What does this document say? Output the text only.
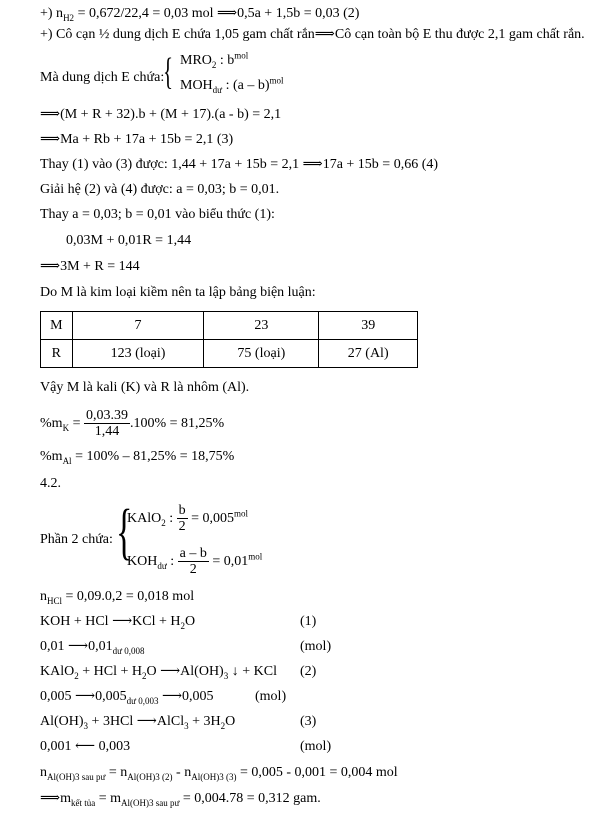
+) $n_{H2} = 0,672/22,4 = 0,03$ mol ⟹0,5a + 1,5b = 0,03 (2)
+) Cô cạn ½ dung dịch E chứa 1,05 gam chất rắn⟹Cô cạn toàn bộ E thu được 2,1 gam chất rắn.
Mà dung dịch E chứa:
{ $MRO_2$ : $b^{mol}$
$MOH_{dư}$ : (a – b)$^{mol}$
⟹(M + R + 32).b + (M + 17).(a - b) = 2,1
⟹Ma + Rb + 17a + 15b = 2,1 (3)
Thay (1) vào (3) được: 1,44 + 17a + 15b = 2,1 ⟹17a + 15b = 0,66 (4)
Giải hệ (2) và (4) được: a = 0,03; b = 0,01.
Thay a = 0,03; b = 0,01 vào biểu thức (1):
0,03M + 0,01R = 1,44
⟹3M + R = 144
Do M là kim loại kiềm nên ta lập bảng biện luận:
M	7	23	39
R	123 (loại)	75 (loại)	27 (Al)
Vậy M là kali (K) và R là nhôm (Al).
$\%m_K = \frac{0,03.39}{1,44} .100\% = 81,25\%$
$\%m_{Al} = 100\% - 81,25\% = 18,75\%$
4.2.
Phần 2 chứa: {
KAlO$_2$ : $\frac{b}{2} = 0,005^{mol}$
$KOH_{dư}$ : $\frac{a - b}{2} = 0,01^{mol}$
$n_{HCl} = 0,09.0,2 = 0,018$ mol
KOH + HCl ⟶KCl + $H_2O$	(1)
0,01 $⟶0,01_{dư 0,008}$	(mol)
KAlO$_2$ + HCl + $H_2O$ $⟶Al(OH)_3$ ↓ + KCl (2)
0,005 $⟶0,005_{dư 0,003}$ ⟶0,005	(mol)
$Al(OH)_3 + 3HCl$ ⟶AlCl$_3$ + $3H_2O$	(3)
0,001 ⟵ 0,003	(mol)
$n_{Al(OH)3 sau pư} = n_{Al(OH)3 (2)} - n_{Al(OH)3 (3)} = 0,005 - 0,001 = 0,004$ mol
$⟹m_{kết tủa} = m_{Al(OH)3 sau pư} = 0,004.78 = 0,312$ gam.
